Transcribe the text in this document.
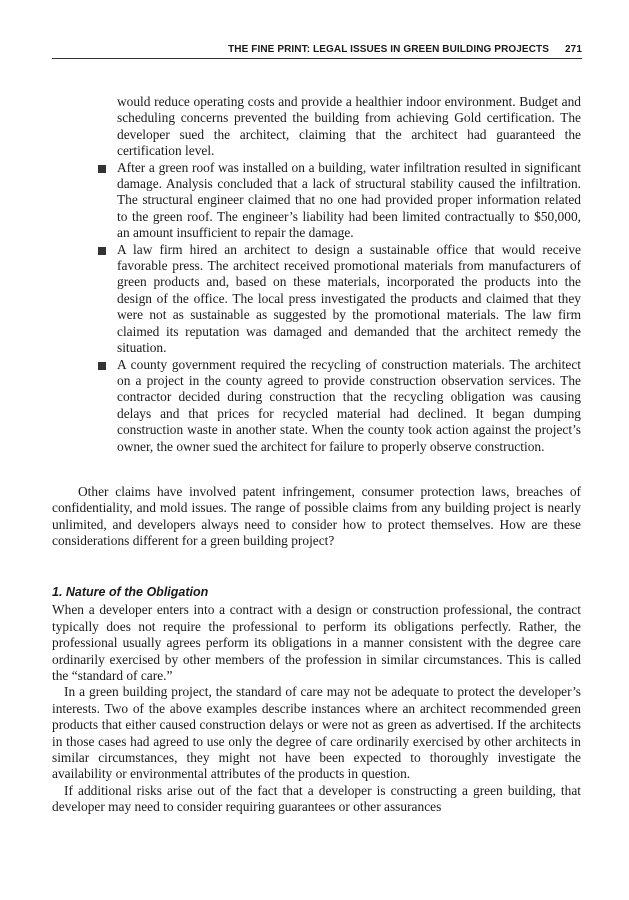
THE FINE PRINT: LEGAL ISSUES IN GREEN BUILDING PROJECTS 271
would reduce operating costs and provide a healthier indoor environment. Budget and scheduling concerns prevented the building from achieving Gold certification. The developer sued the architect, claiming that the architect had guaranteed the certification level.
After a green roof was installed on a building, water infiltration resulted in significant damage. Analysis concluded that a lack of structural stability caused the infiltration. The structural engineer claimed that no one had provided proper information related to the green roof. The engineer’s liability had been limited contractually to $50,000, an amount insufficient to repair the damage.
A law firm hired an architect to design a sustainable office that would receive favorable press. The architect received promotional materials from manufacturers of green products and, based on these materials, incorporated the products into the design of the office. The local press investigated the products and claimed that they were not as sustainable as suggested by the promotional materials. The law firm claimed its reputation was damaged and demanded that the architect remedy the situation.
A county government required the recycling of construction materials. The architect on a project in the county agreed to provide construction observation services. The contractor decided during construction that the recycling obligation was causing delays and that prices for recycled material had declined. It began dumping construction waste in another state. When the county took action against the project’s owner, the owner sued the architect for failure to properly observe construction.

Other claims have involved patent infringement, consumer protection laws, breaches of confidentiality, and mold issues. The range of possible claims from any building project is nearly unlimited, and developers always need to consider how to protect themselves. How are these considerations different for a green building project?

1. Nature of the Obligation

When a developer enters into a contract with a design or construction professional, the contract typically does not require the professional to perform its obligations perfectly. Rather, the professional usually agrees perform its obligations in a manner consistent with the degree care ordinarily exercised by other members of the profession in similar circumstances. This is called the “standard of care.”

In a green building project, the standard of care may not be adequate to protect the developer’s interests. Two of the above examples describe instances where an architect recommended green products that either caused construction delays or were not as green as advertised. If the architects in those cases had agreed to use only the degree of care ordinarily exercised by other architects in similar circumstances, they might not have been expected to thoroughly investigate the availability or environmental attributes of the products in question.

If additional risks arise out of the fact that a developer is constructing a green building, that developer may need to consider requiring guarantees or other assurances
